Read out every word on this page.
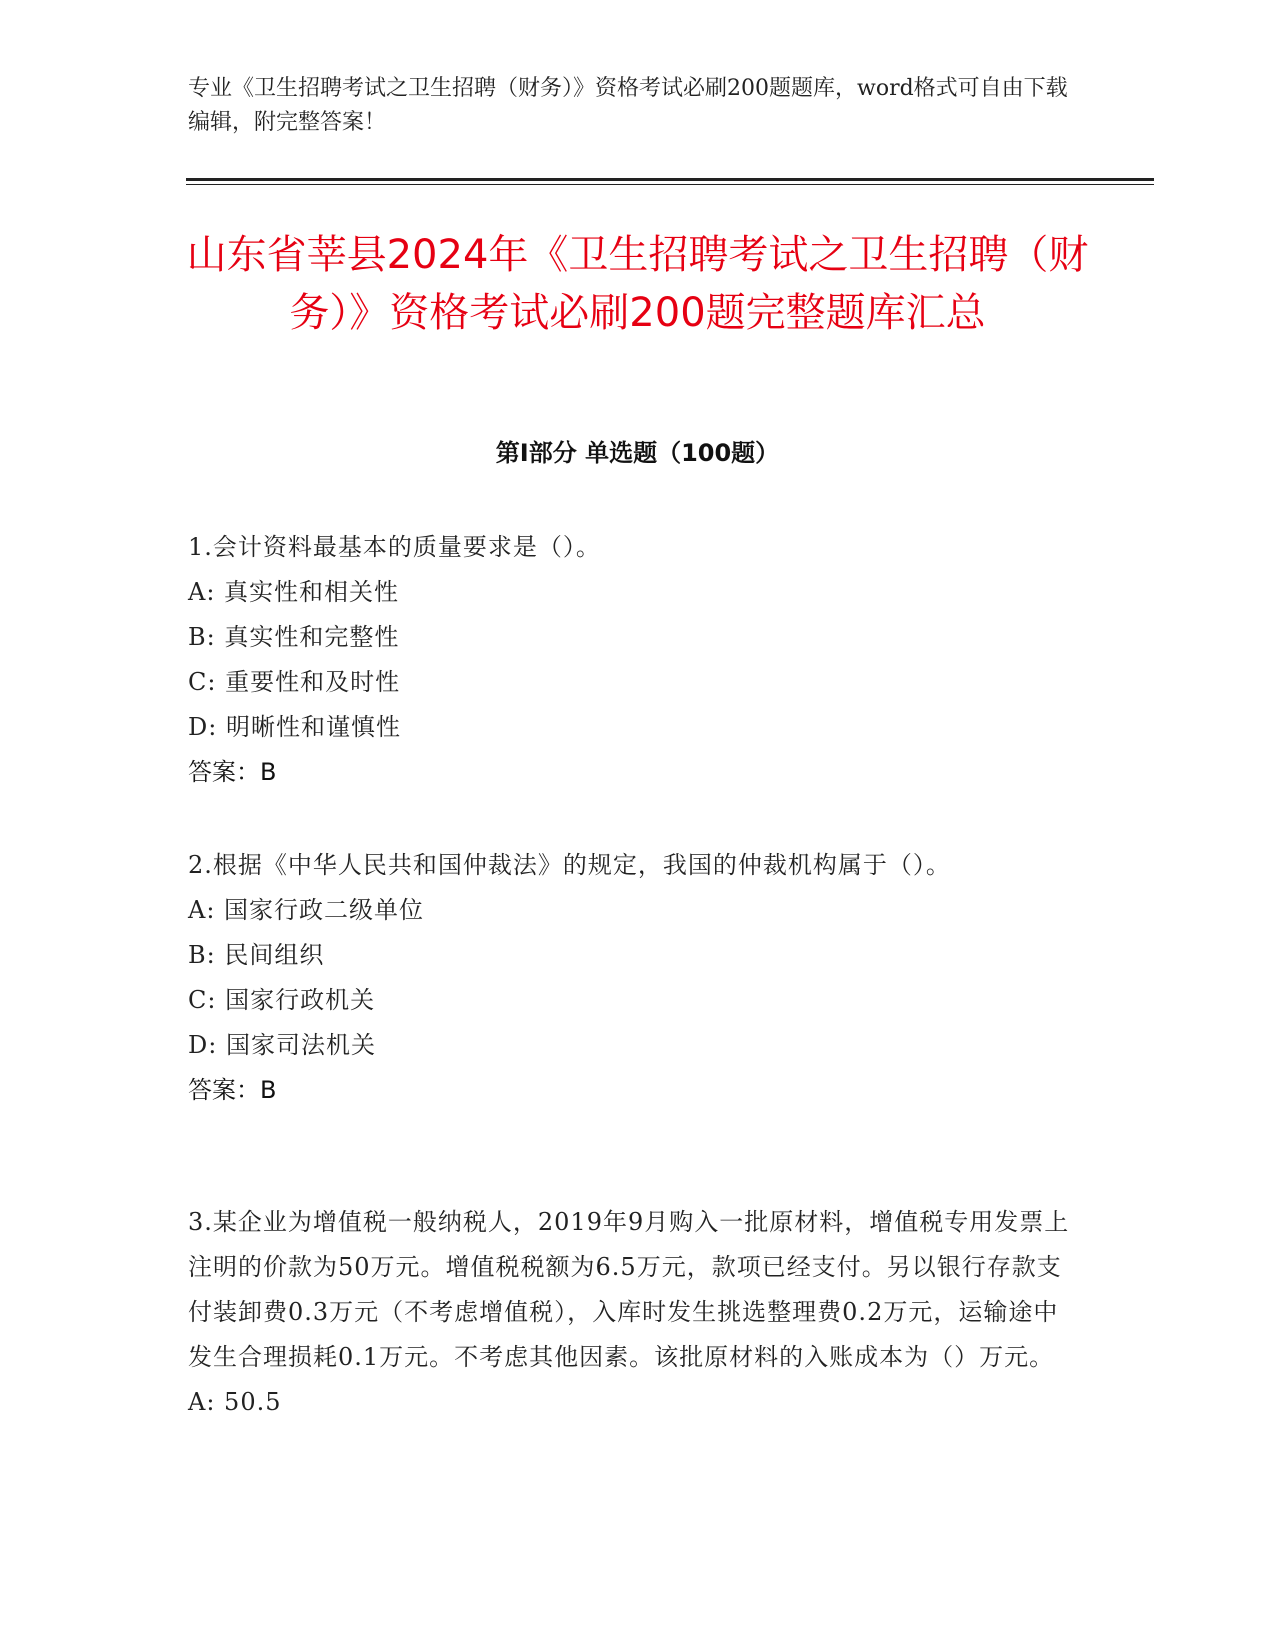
专业《卫生招聘考试之卫生招聘（财务）》资格考试必刷200题题库，word格式可自由下载编辑，附完整答案！
山东省莘县2024年《卫生招聘考试之卫生招聘（财务）》资格考试必刷200题完整题库汇总
第I部分 单选题（100题）

1.会计资料最基本的质量要求是（）。

A: 真实性和相关性

B: 真实性和完整性

C: 重要性和及时性

D: 明晰性和谨慎性

答案：B

2.根据《中华人民共和国仲裁法》的规定，我国的仲裁机构属于（）。

A: 国家行政二级单位

B: 民间组织

C: 国家行政机关

D: 国家司法机关

答案：B

3.某企业为增值税一般纳税人，2019年9月购入一批原材料，增值税专用发票上注明的价款为50万元。增值税税额为6.5万元，款项已经支付。另以银行存款支付装卸费0.3万元（不考虑增值税），入库时发生挑选整理费0.2万元，运输途中发生合理损耗0.1万元。不考虑其他因素。该批原材料的入账成本为（）万元。

A: 50.5
